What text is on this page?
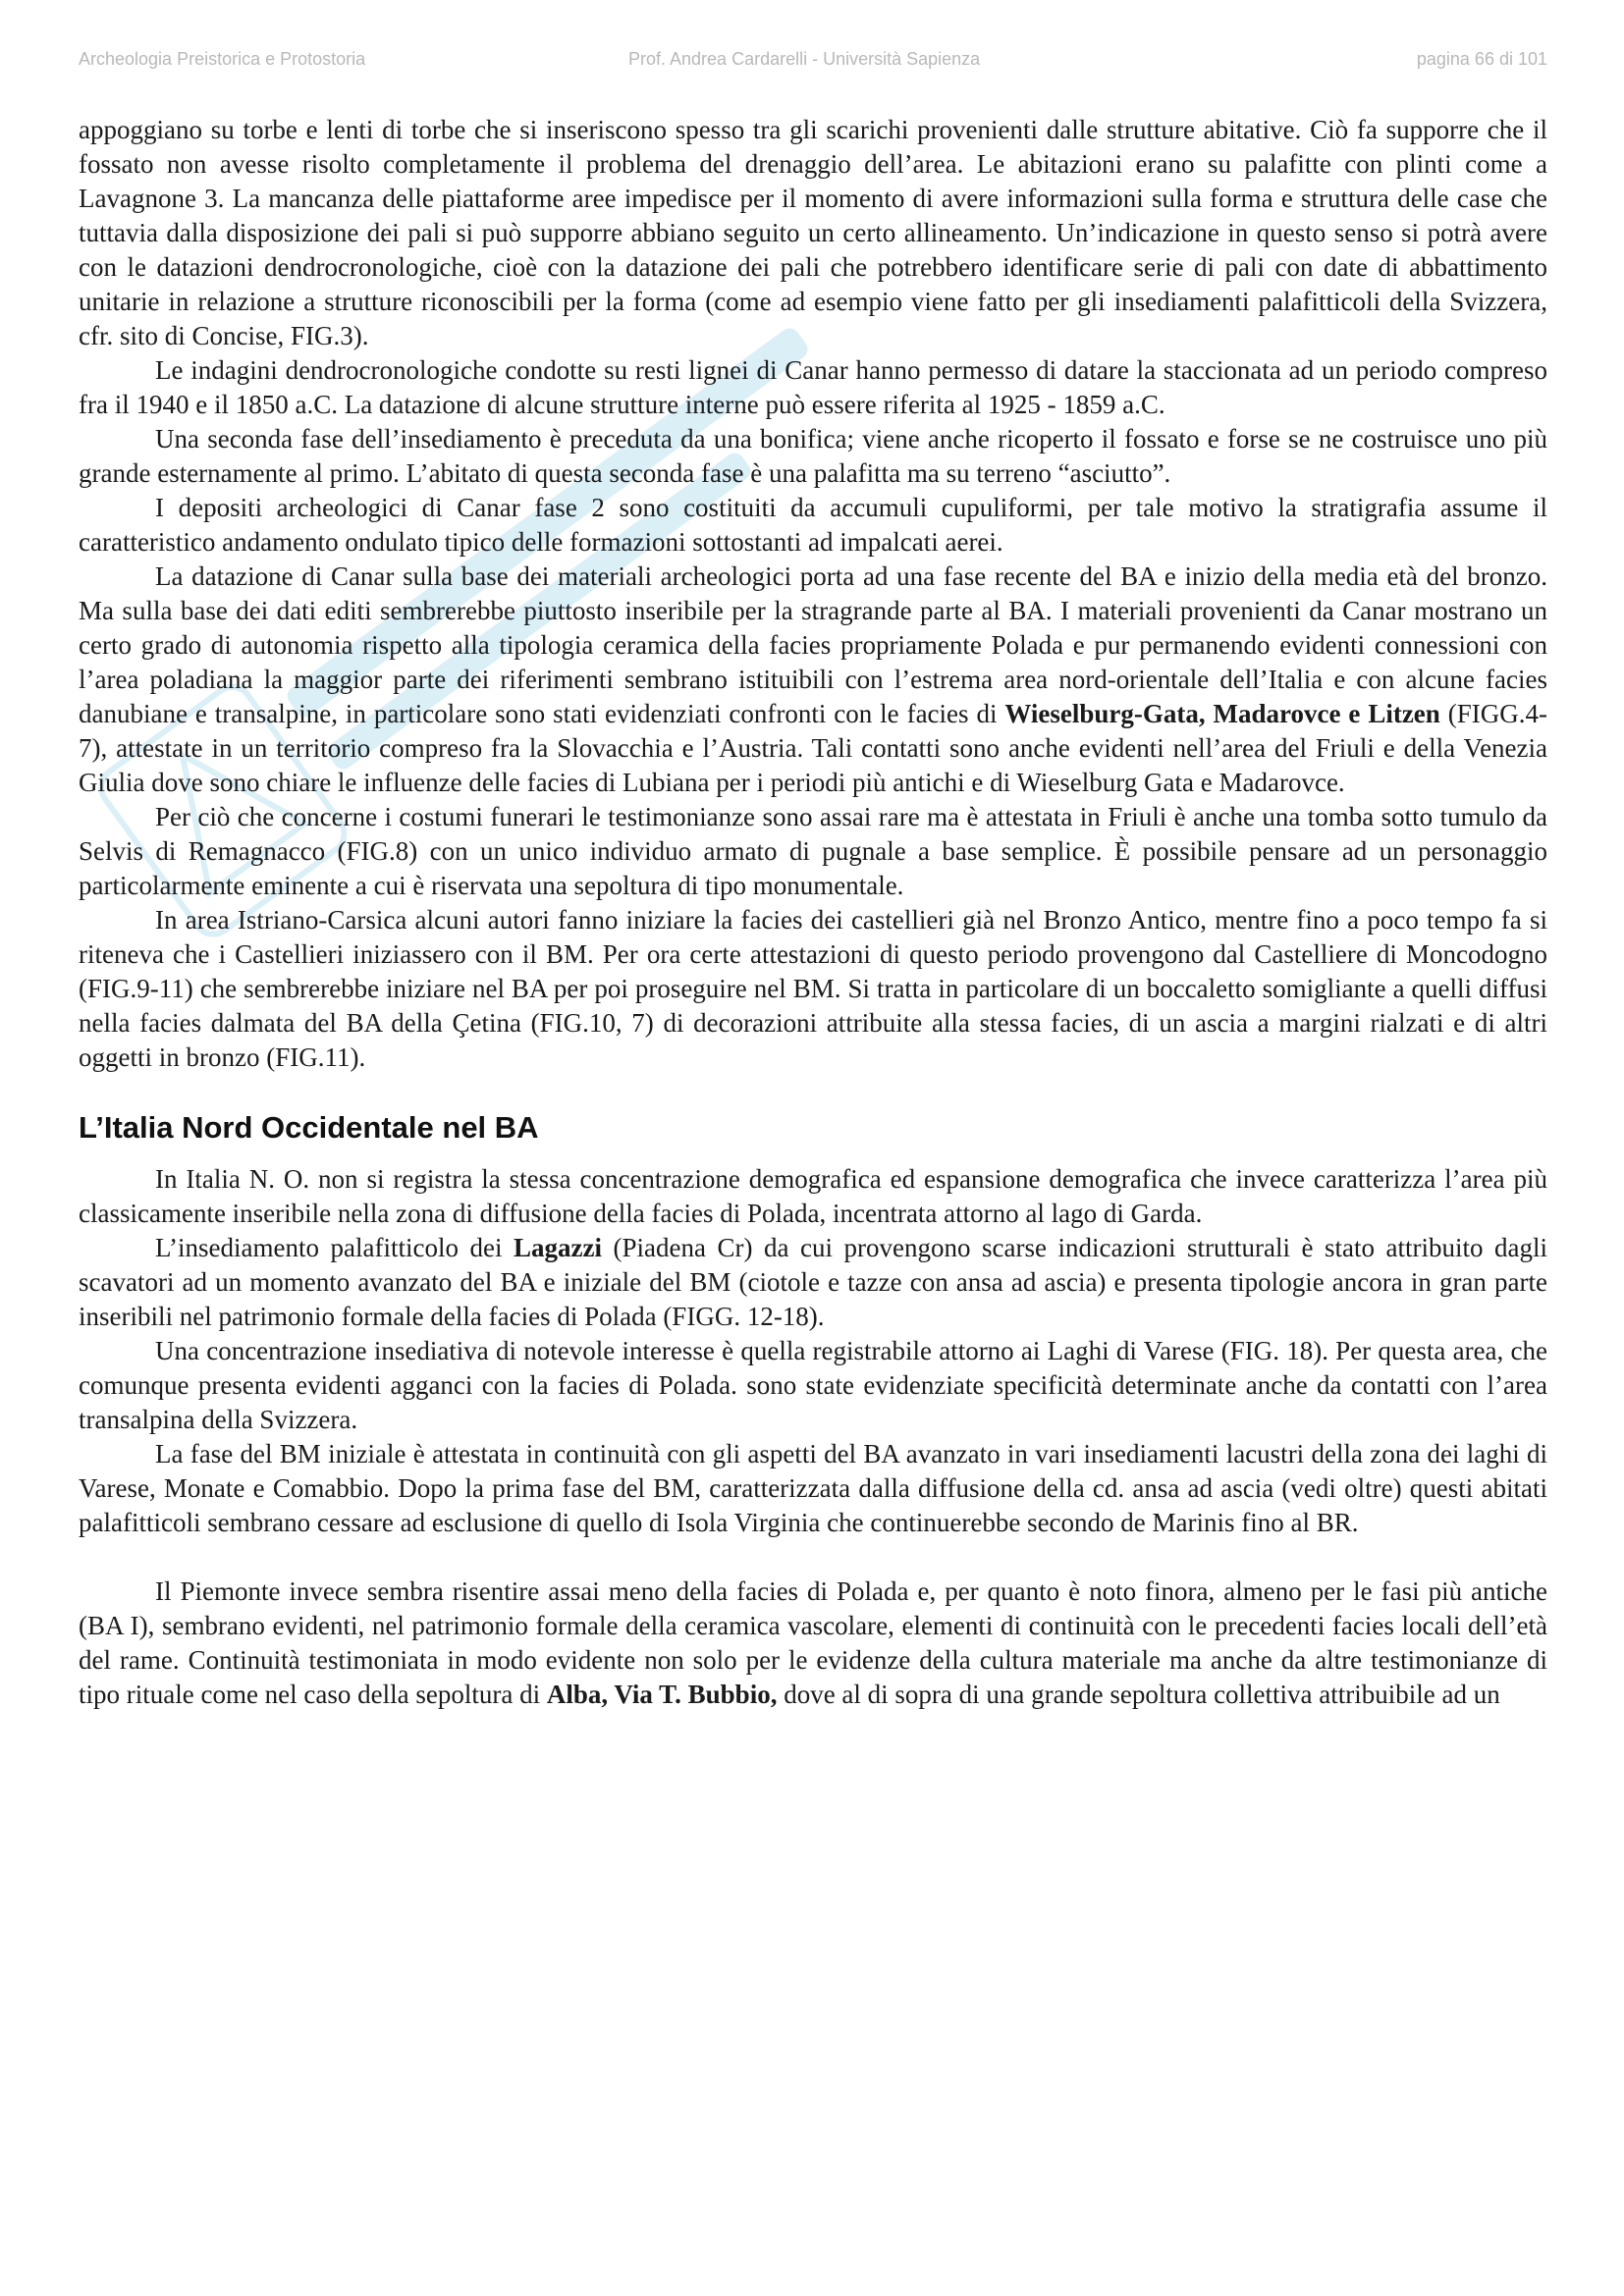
Archeologia Preistorica e Protostoria	Prof. Andrea Cardarelli - Università Sapienza	pagina 66 di 101

appoggiano su torbe e lenti di torbe che si inseriscono spesso tra gli scarichi provenienti dalle strutture abitative. Ciò fa supporre che il fossato non avesse risolto completamente il problema del drenaggio dell’area. Le abitazioni erano su palafitte con plinti come a Lavagnone 3. La mancanza delle piattaforme aree impedisce per il momento di avere informazioni sulla forma e struttura delle case che tuttavia dalla disposizione dei pali si può supporre abbiano seguito un certo allineamento. Un’indicazione in questo senso si potrà avere con le datazioni dendrocronologiche, cioè con la datazione dei pali che potrebbero identificare serie di pali con date di abbattimento unitarie in relazione a strutture riconoscibili per la forma (come ad esempio viene fatto per gli insediamenti palafitticoli della Svizzera, cfr. sito di Concise, FIG.3).

Le indagini dendrocronologiche condotte su resti lignei di Canar hanno permesso di datare la staccionata ad un periodo compreso fra il 1940 e il 1850 a.C. La datazione di alcune strutture interne può essere riferita al 1925 - 1859 a.C.

Una seconda fase dell’insediamento è preceduta da una bonifica; viene anche ricoperto il fossato e forse se ne costruisce uno più grande esternamente al primo. L’abitato di questa seconda fase è una palafitta ma su terreno “asciutto”.

I depositi archeologici di Canar fase 2 sono costituiti da accumuli cupuliformi, per tale motivo la stratigrafia assume il caratteristico andamento ondulato tipico delle formazioni sottostanti ad impalcati aerei.

La datazione di Canar sulla base dei materiali archeologici porta ad una fase recente del BA e inizio della media età del bronzo. Ma sulla base dei dati editi sembrerebbe piuttosto inseribile per la stragrande parte al BA. I materiali provenienti da Canar mostrano un certo grado di autonomia rispetto alla tipologia ceramica della facies propriamente Polada e pur permanendo evidenti connessioni con l’area poladiana la maggior parte dei riferimenti sembrano istituibili con l’estrema area nord-orientale dell’Italia e con alcune facies danubiane e transalpine, in particolare sono stati evidenziati confronti con le facies di Wieselburg-Gata, Madarovce e Litzen (FIGG.4-7), attestate in un territorio compreso fra la Slovacchia e l’Austria. Tali contatti sono anche evidenti nell’area del Friuli e della Venezia Giulia dove sono chiare le influenze delle facies di Lubiana per i periodi più antichi e di Wieselburg Gata e Madarovce.

Per ciò che concerne i costumi funerari le testimonianze sono assai rare ma è attestata in Friuli è anche una tomba sotto tumulo da Selvis di Remagnacco (FIG.8) con un unico individuo armato di pugnale a base semplice. È possibile pensare ad un personaggio particolarmente eminente a cui è riservata una sepoltura di tipo monumentale.

In area Istriano-Carsica alcuni autori fanno iniziare la facies dei castellieri già nel Bronzo Antico, mentre fino a poco tempo fa si riteneva che i Castellieri iniziassero con il BM. Per ora certe attestazioni di questo periodo provengono dal Castelliere di Moncodogno (FIG.9-11) che sembrerebbe iniziare nel BA per poi proseguire nel BM. Si tratta in particolare di un boccaletto somigliante a quelli diffusi nella facies dalmata del BA della Çetina (FIG.10, 7) di decorazioni attribuite alla stessa facies, di un ascia a margini rialzati e di altri oggetti in bronzo (FIG.11).

L’Italia Nord Occidentale nel BA

In Italia N. O. non si registra la stessa concentrazione demografica ed espansione demografica che invece caratterizza l’area più classicamente inseribile nella zona di diffusione della facies di Polada, incentrata attorno al lago di Garda.

L’insediamento palafitticolo dei Lagazzi (Piadena Cr) da cui provengono scarse indicazioni strutturali è stato attribuito dagli scavatori ad un momento avanzato del BA e iniziale del BM (ciotole e tazze con ansa ad ascia) e presenta tipologie ancora in gran parte inseribili nel patrimonio formale della facies di Polada (FIGG. 12-18).

Una concentrazione insediativa di notevole interesse è quella registrabile attorno ai Laghi di Varese (FIG. 18). Per questa area, che comunque presenta evidenti agganci con la facies di Polada. sono state evidenziate specificità determinate anche da contatti con l’area transalpina della Svizzera.

La fase del BM iniziale è attestata in continuità con gli aspetti del BA avanzato in vari insediamenti lacustri della zona dei laghi di Varese, Monate e Comabbio. Dopo la prima fase del BM, caratterizzata dalla diffusione della cd. ansa ad ascia (vedi oltre) questi abitati palafitticoli sembrano cessare ad esclusione di quello di Isola Virginia che continuerebbe secondo de Marinis fino al BR.

Il Piemonte invece sembra risentire assai meno della facies di Polada e, per quanto è noto finora, almeno per le fasi più antiche (BA I), sembrano evidenti, nel patrimonio formale della ceramica vascolare, elementi di continuità con le precedenti facies locali dell’età del rame. Continuità testimoniata in modo evidente non solo per le evidenze della cultura materiale ma anche da altre testimonianze di tipo rituale come nel caso della sepoltura di Alba, Via T. Bubbio, dove al di sopra di una grande sepoltura collettiva attribuibile ad un
